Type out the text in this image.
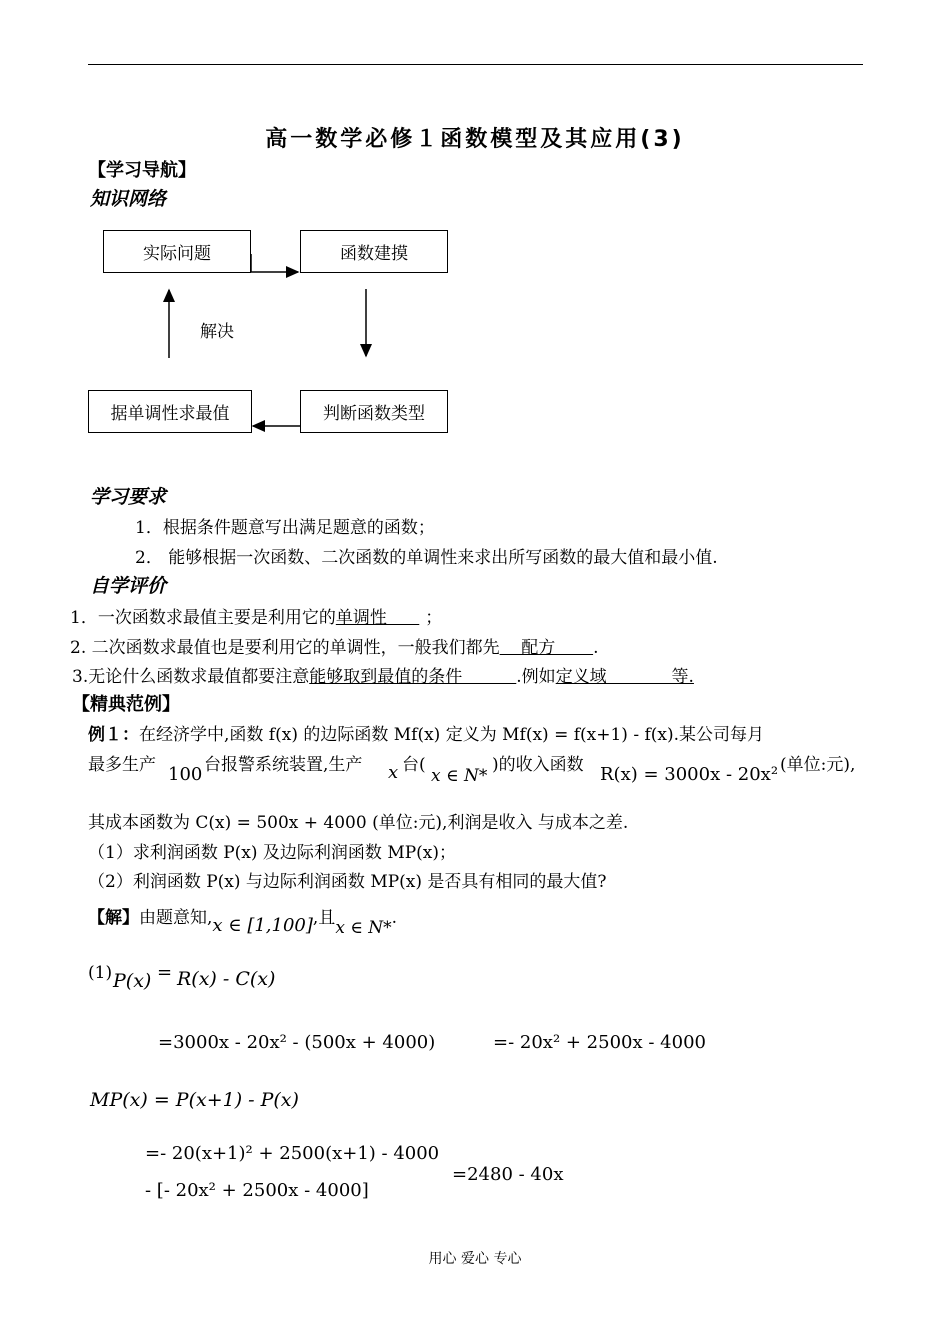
高一数学必修１函数模型及其应用(3)
【学习导航】
知识网络
实际问题	函数建摸
判断函数类型
据单调性求最值
解决
学习要求
1．根据条件题意写出满足题意的函数；
2． 能够根据一次函数、二次函数的单调性来求出所写函数的最大值和最小值.
自学评价
1．一次函数求最值主要是利用它的单调性      ；
2. 二次函数求最值也是要利用它的单调性，一般我们都先    配方       .
3.无论什么函数求最值都要注意能够取到最值的条件          .例如定义域            等.
【精典范例】
例１：在经济学中,函数 f(x) 的边际函数 Mf(x) 定义为 Mf(x) = f(x+1) - f(x).某公司每月
最多生产 100 台报警系统装置,生产 x 台(
x ∈ N*
)的收入函数 R(x) = 3000x - 20x² (单位:元),
其成本函数为 C(x) = 500x + 4000 (单位:元),利润是收入 与成本之差.
（1）求利润函数 P(x) 及边际利润函数 MP(x)；
（2）利润函数 P(x) 与边际利润函数 MP(x) 是否具有相同的最大值?
【解】由题意知,x ∈ [1,100],且x ∈ N*.
(1) P(x) = R(x) - C(x)
=3000x - 20x² - (500x + 4000)	=- 20x² + 2500x - 4000
MP(x) = P(x+1) - P(x)
=- 20(x+1)² + 2500(x+1) - 4000
- [- 20x² + 2500x - 4000]
=2480 - 40x
用心 爱心 专心
